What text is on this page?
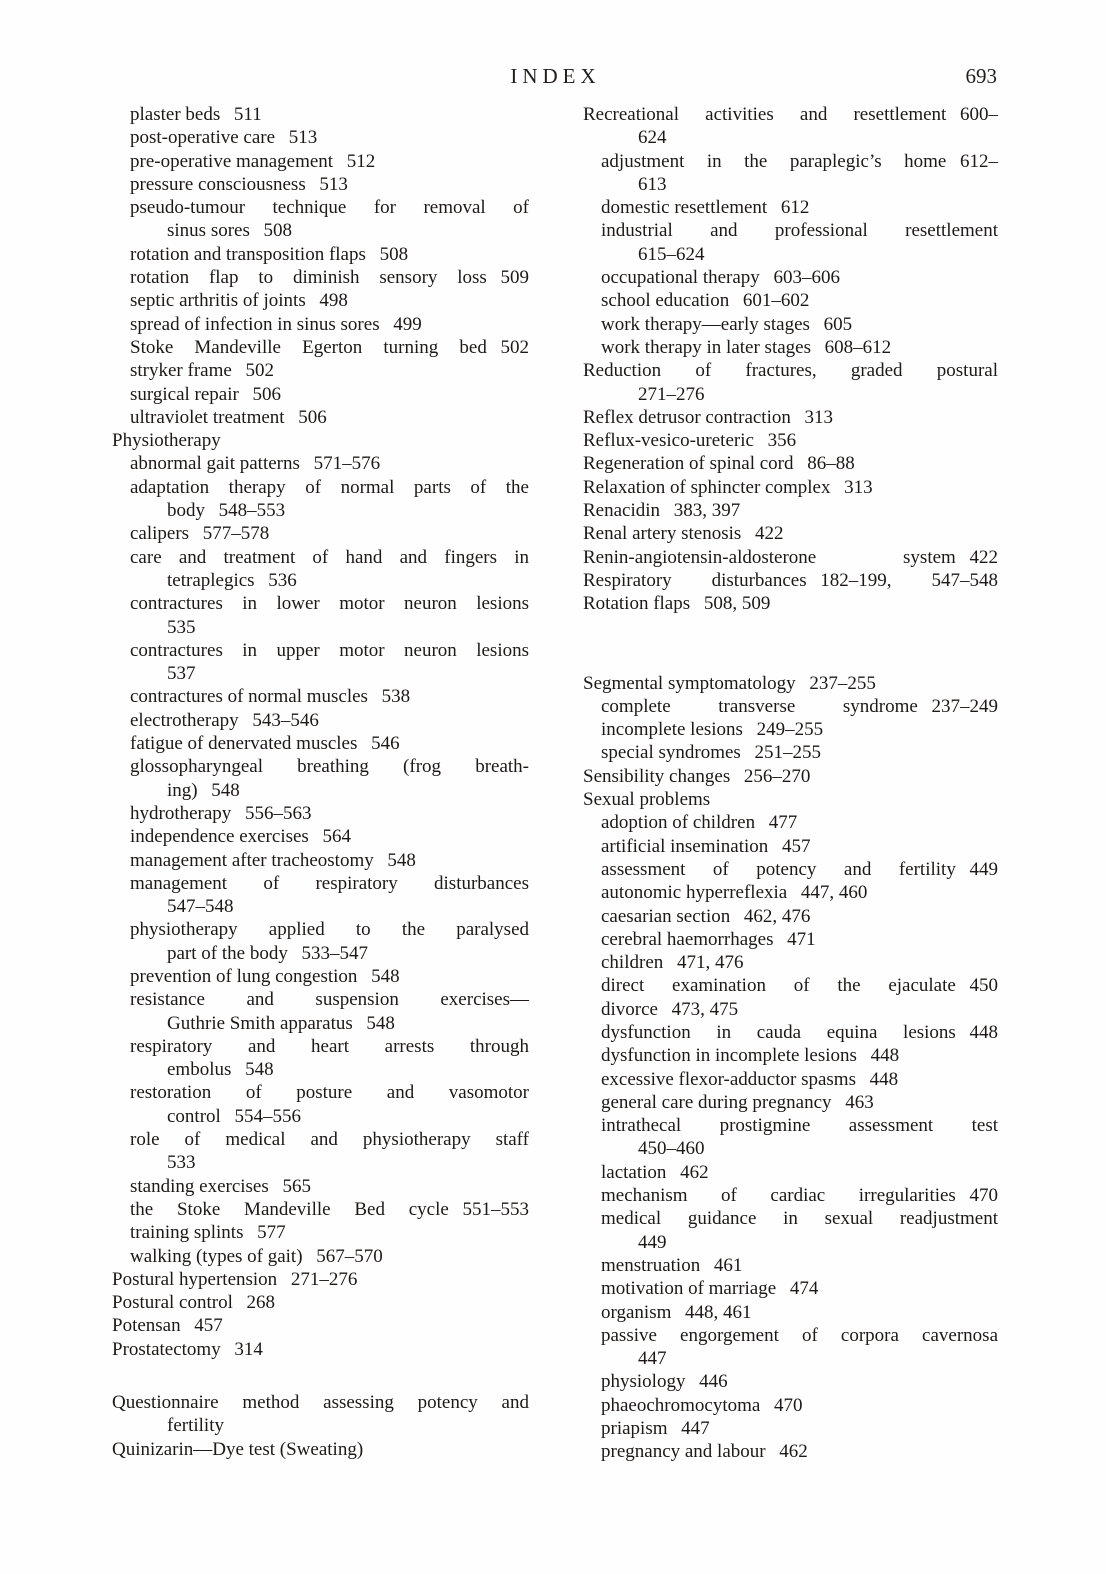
INDEX	693
plaster beds 511
post-operative care 513
pre-operative management 512
pressure consciousness 513
pseudo-tumour technique for removal of
sinus sores 508
rotation and transposition flaps 508
rotation flap to diminish sensory loss 509
septic arthritis of joints 498
spread of infection in sinus sores 499
Stoke Mandeville Egerton turning bed 502
stryker frame 502
surgical repair 506
ultraviolet treatment 506
Physiotherapy
abnormal gait patterns 571–576
adaptation therapy of normal parts of the
body 548–553
calipers 577–578
care and treatment of hand and fingers in
tetraplegics 536
contractures in lower motor neuron lesions
535
contractures in upper motor neuron lesions
537
contractures of normal muscles 538
electrotherapy 543–546
fatigue of denervated muscles 546
glossopharyngeal breathing (frog breath-
ing) 548
hydrotherapy 556–563
independence exercises 564
management after tracheostomy 548
management of respiratory disturbances
547–548
physiotherapy applied to the paralysed
part of the body 533–547
prevention of lung congestion 548
resistance and suspension exercises—
Guthrie Smith apparatus 548
respiratory and heart arrests through
embolus 548
restoration of posture and vasomotor
control 554–556
role of medical and physiotherapy staff
533
standing exercises 565
the Stoke Mandeville Bed cycle 551–553
training splints 577
walking (types of gait) 567–570
Postural hypertension 271–276
Postural control 268
Potensan 457
Prostatectomy 314
Questionnaire method assessing potency and
fertility
Quinizarin—Dye test (Sweating)
Recreational activities and resettlement 600–
624
adjustment in the paraplegic’s home 612–
613
domestic resettlement 612
industrial and professional resettlement
615–624
occupational therapy 603–606
school education 601–602
work therapy—early stages 605
work therapy in later stages 608–612
Reduction of fractures, graded postural
271–276
Reflex detrusor contraction 313
Reflux-vesico-ureteric 356
Regeneration of spinal cord 86–88
Relaxation of sphincter complex 313
Renacidin 383, 397
Renal artery stenosis 422
Renin-angiotensin-aldosterone system 422
Respiratory disturbances 182–199, 547–548
Rotation flaps 508, 509
Segmental symptomatology 237–255
complete transverse syndrome 237–249
incomplete lesions 249–255
special syndromes 251–255
Sensibility changes 256–270
Sexual problems
adoption of children 477
artificial insemination 457
assessment of potency and fertility 449
autonomic hyperreflexia 447, 460
caesarian section 462, 476
cerebral haemorrhages 471
children 471, 476
direct examination of the ejaculate 450
divorce 473, 475
dysfunction in cauda equina lesions 448
dysfunction in incomplete lesions 448
excessive flexor-adductor spasms 448
general care during pregnancy 463
intrathecal prostigmine assessment test
450–460
lactation 462
mechanism of cardiac irregularities 470
medical guidance in sexual readjustment
449
menstruation 461
motivation of marriage 474
organism 448, 461
passive engorgement of corpora cavernosa
447
physiology 446
phaeochromocytoma 470
priapism 447
pregnancy and labour 462
